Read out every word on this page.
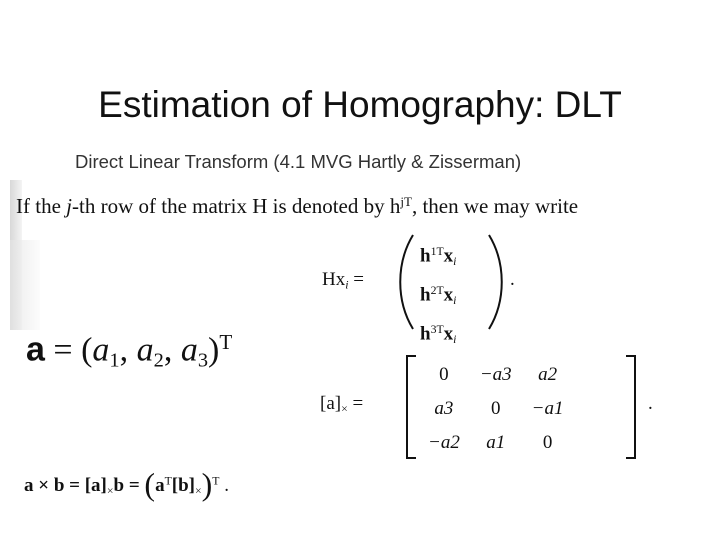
Estimation of Homography: DLT
Direct Linear Transform (4.1 MVG Hartly & Zisserman)
If the j-th row of the matrix H is denoted by $h^{jT}$, then we may write
$Hx_i$ =
$h^{1T}x_i$
$h^{2T}x_i$
$h^{3T}x_i$
.
$a = (a_1$, $a_2$, $a_3)^T$
$[a]_\times$ =
0	−a3	a2
a3	0	−a1
−a2	a1	0
.
$a \times b = [a]_\times b = (a^T[b]_\times)^T$ .
